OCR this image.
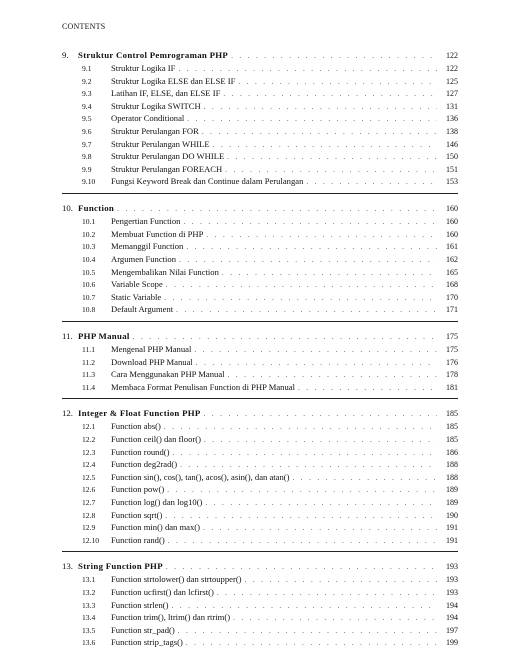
CONTENTS
9.	Struktur Control Pemrograman PHP . . .	122
9.1	Struktur Logika IF . . .	122
9.2	Struktur Logika ELSE dan ELSE IF . . .	125
9.3	Latihan IF, ELSE, dan ELSE IF . . .	127
9.4	Struktur Logika SWITCH . . .	131
9.5	Operator Conditional . . .	136
9.6	Struktur Perulangan FOR . . .	138
9.7	Struktur Perulangan WHILE . . .	146
9.8	Struktur Perulangan DO WHILE . . .	150
9.9	Struktur Perulangan FOREACH . . .	151
9.10	Fungsi Keyword Break dan Continue dalam Perulangan . . .	153
10. Function . . .	160
10.1	Pengertian Function . . .	160
10.2	Membuat Function di PHP . . .	160
10.3	Memanggil Function . . .	161
10.4	Argumen Function . . .	162
10.5	Mengembalikan Nilai Function . . .	165
10.6	Variable Scope . . .	168
10.7	Static Variable . . .	170
10.8	Default Argument . . .	171
11. PHP Manual . . .	175
11.1	Mengenal PHP Manual . . .	175
11.2	Download PHP Manual . . .	176
11.3	Cara Menggunakan PHP Manual . . .	178
11.4	Membaca Format Penulisan Function di PHP Manual . . .	181
12. Integer & Float Function PHP . . .	185
12.1	Function abs() . . .	185
12.2	Function ceil() dan floor() . . .	185
12.3	Function round() . . .	186
12.4	Function deg2rad() . . .	188
12.5	Function sin(), cos(), tan(), acos(), asin(), dan atan() . . .	188
12.6	Function pow() . . .	189
12.7	Function log() dan log10() . . .	189
12.8	Function sqrt() . . .	190
12.9	Function min() dan max() . . .	191
12.10	Function rand() . . .	191
13. String Function PHP . . .	193
13.1	Function strtolower() dan strtoupper() . . .	193
13.2	Function ucfirst() dan lcfirst() . . .	193
13.3	Function strlen() . . .	194
13.4	Function trim(), ltrim() dan rtrim() . . .	194
13.5	Function str_pad() . . .	197
13.6	Function strip_tags() . . .	199
